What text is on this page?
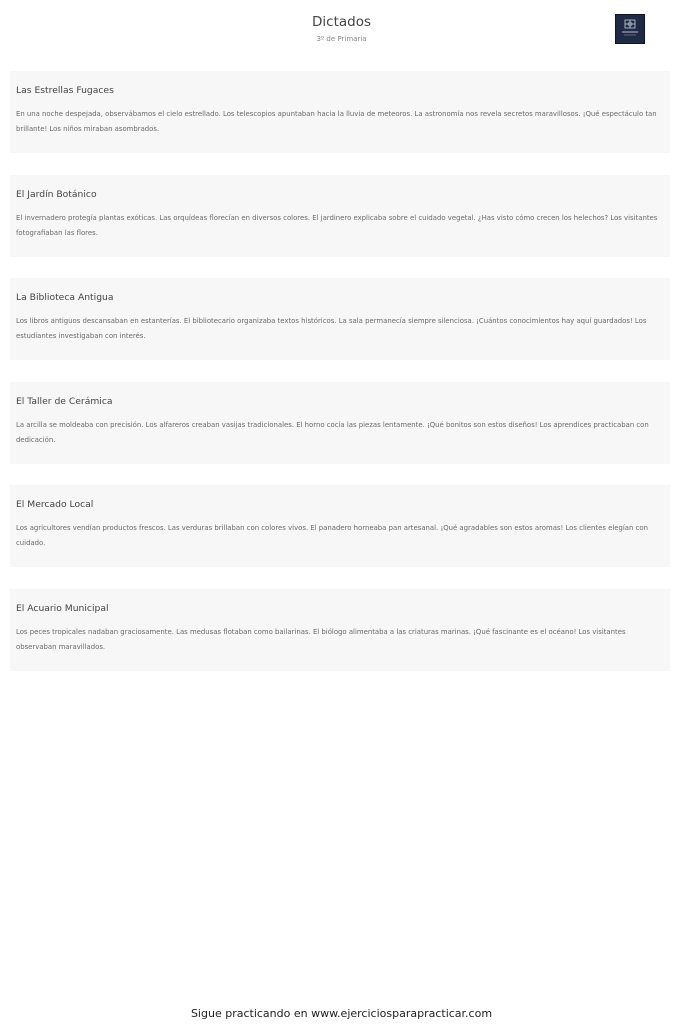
Dictados
3º de Primaria
Las Estrellas Fugaces

En una noche despejada, observábamos el cielo estrellado. Los telescopios apuntaban hacia la lluvia de meteoros. La astronomía nos revela secretos maravillosos. ¡Qué espectáculo tan brillante! Los niños miraban asombrados.

El Jardín Botánico

El invernadero protegía plantas exóticas. Las orquídeas florecían en diversos colores. El jardinero explicaba sobre el cuidado vegetal. ¿Has visto cómo crecen los helechos? Los visitantes fotografiaban las flores.

La Biblioteca Antigua

Los libros antiguos descansaban en estanterías. El bibliotecario organizaba textos históricos. La sala permanecía siempre silenciosa. ¡Cuántos conocimientos hay aquí guardados! Los estudiantes investigaban con interés.

El Taller de Cerámica

La arcilla se moldeaba con precisión. Los alfareros creaban vasijas tradicionales. El horno cocía las piezas lentamente. ¡Qué bonitos son estos diseños! Los aprendices practicaban con dedicación.

El Mercado Local

Los agricultores vendían productos frescos. Las verduras brillaban con colores vivos. El panadero horneaba pan artesanal. ¡Qué agradables son estos aromas! Los clientes elegían con cuidado.

El Acuario Municipal

Los peces tropicales nadaban graciosamente. Las medusas flotaban como bailarinas. El biólogo alimentaba a las criaturas marinas. ¡Qué fascinante es el océano! Los visitantes observaban maravillados.

Sigue practicando en www.ejerciciosparapracticar.com
